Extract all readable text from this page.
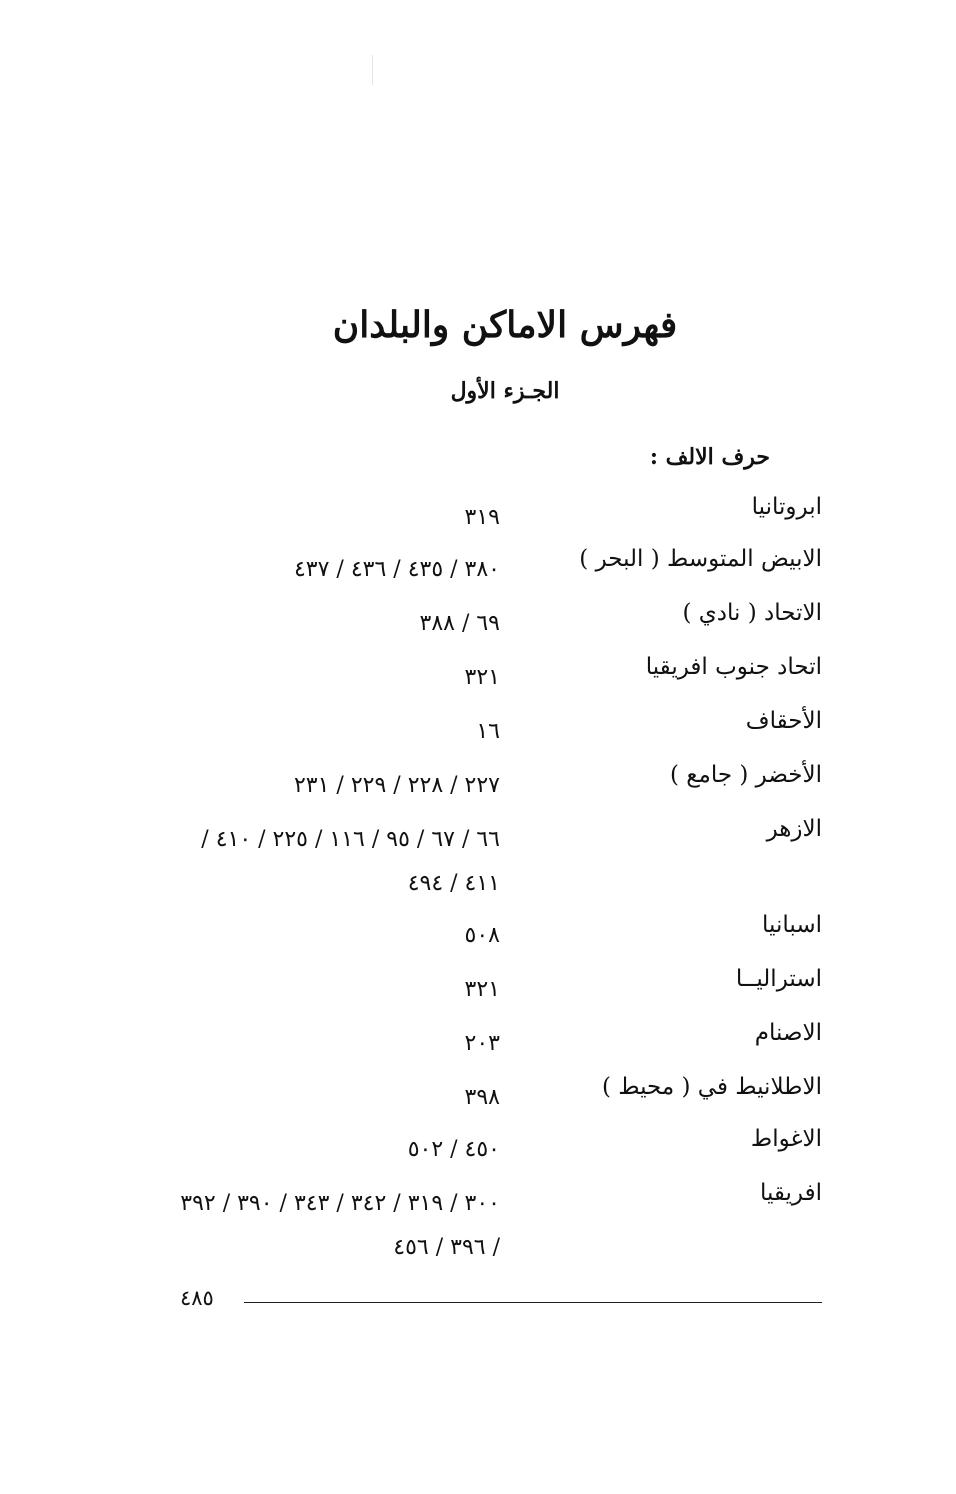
فهرس الاماكن والبلدان
الجـزء الأول
حرف الالف :
ابروتانيا
٣١٩
الابيض المتوسط ( البحر )
٣٨٠ / ٤٣٥ / ٤٣٦ / ٤٣٧
الاتحاد ( نادي )
٦٩ / ٣٨٨
اتحاد جنوب افريقيا
٣٢١
الأحقاف
١٦
الأخضر ( جامع )
٢٢٧ / ٢٢٨ / ٢٢٩ / ٢٣١
الازهر
٦٦ / ٦٧ / ٩٥ / ١١٦ / ٢٢٥ / ٤١٠ / ٤١١ / ٤٩٤
اسبانيا
٥٠٨
استراليــا
٣٢١
الاصنام
٢٠٣
الاطلانيط في ( محيط )
٣٩٨
الاغواط
٤٥٠ / ٥٠٢
افريقيا
٣٠٠ / ٣١٩ / ٣٤٢ / ٣٤٣ / ٣٩٠ / ٣٩٢ / ٣٩٦ / ٤٥٦
٤٨٥
